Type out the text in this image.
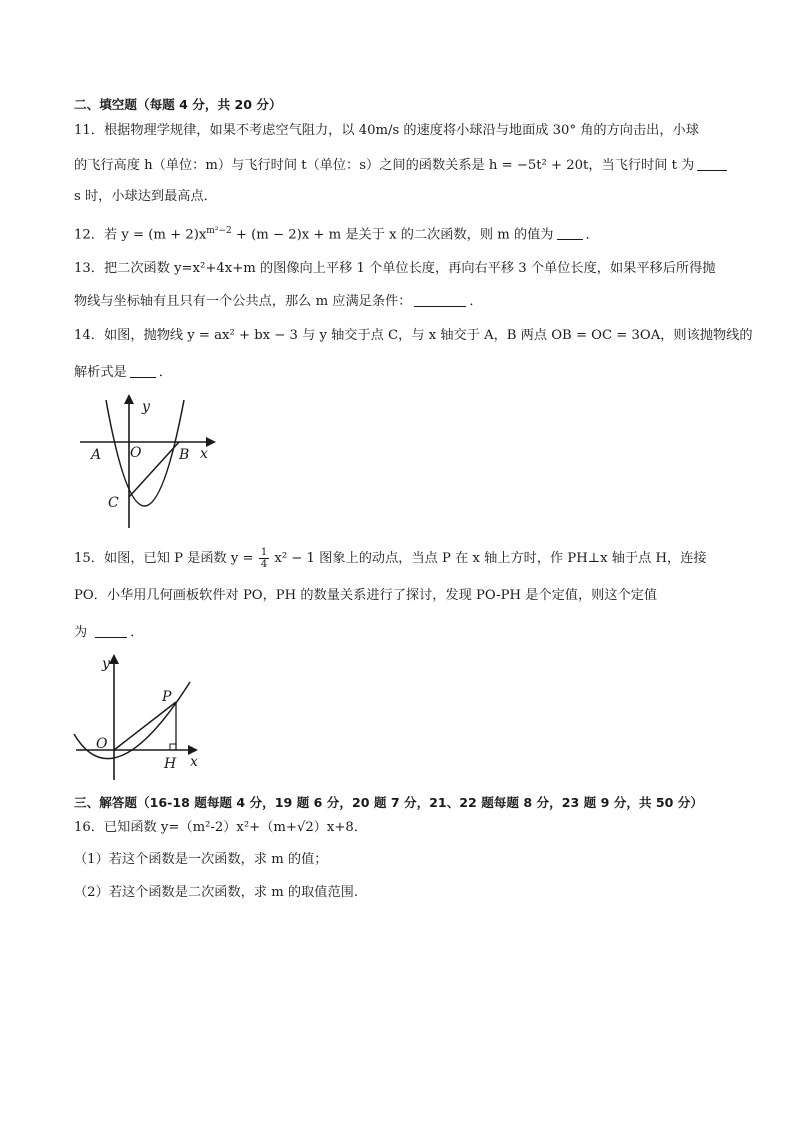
二、填空题（每题 4 分，共 20 分）
11．根据物理学规律，如果不考虑空气阻力，以 40m/s 的速度将小球沿与地面成 30° 角的方向击出，小球
的飞行高度 h（单位：m）与飞行时间 t（单位：s）之间的函数关系是 h = −5t² + 20t，当飞行时间 t 为
s 时，小球达到最高点．
12．若 $y = (m + 2)x^{m^2-2} + (m - 2)x + m$ 是关于 x 的二次函数，则 m 的值为 ．
13．把二次函数 y=x²+4x+m 的图像向上平移 1 个单位长度，再向右平移 3 个单位长度，如果平移后所得抛
物线与坐标轴有且只有一个公共点，那么 m 应满足条件：	．
14．如图，抛物线 y = ax² + bx − 3 与 y 轴交于点 C，与 x 轴交于 A，B 两点 OB = OC = 3OA，则该抛物线的
解析式是 ．
y
x
A O	B
C
15．如图，已知 P 是函数 $y = \frac{1}{4} x^2 - 1$ 图象上的动点，当点 P 在 x 轴上方时，作 PH⊥x 轴于点 H，连接
PO．小华用几何画板软件对 PO，PH 的数量关系进行了探讨，发现 PO-PH 是个定值，则这个定值
为	．
y
x
O
P
H
三、解答题（16-18 题每题 4 分，19 题 6 分，20 题 7 分，21、22 题每题 8 分，23 题 9 分，共 50 分）
16．已知函数 y=（m²-2）x²+（m+√2）x+8．
（1）若这个函数是一次函数，求 m 的值；
（2）若这个函数是二次函数，求 m 的取值范围.
